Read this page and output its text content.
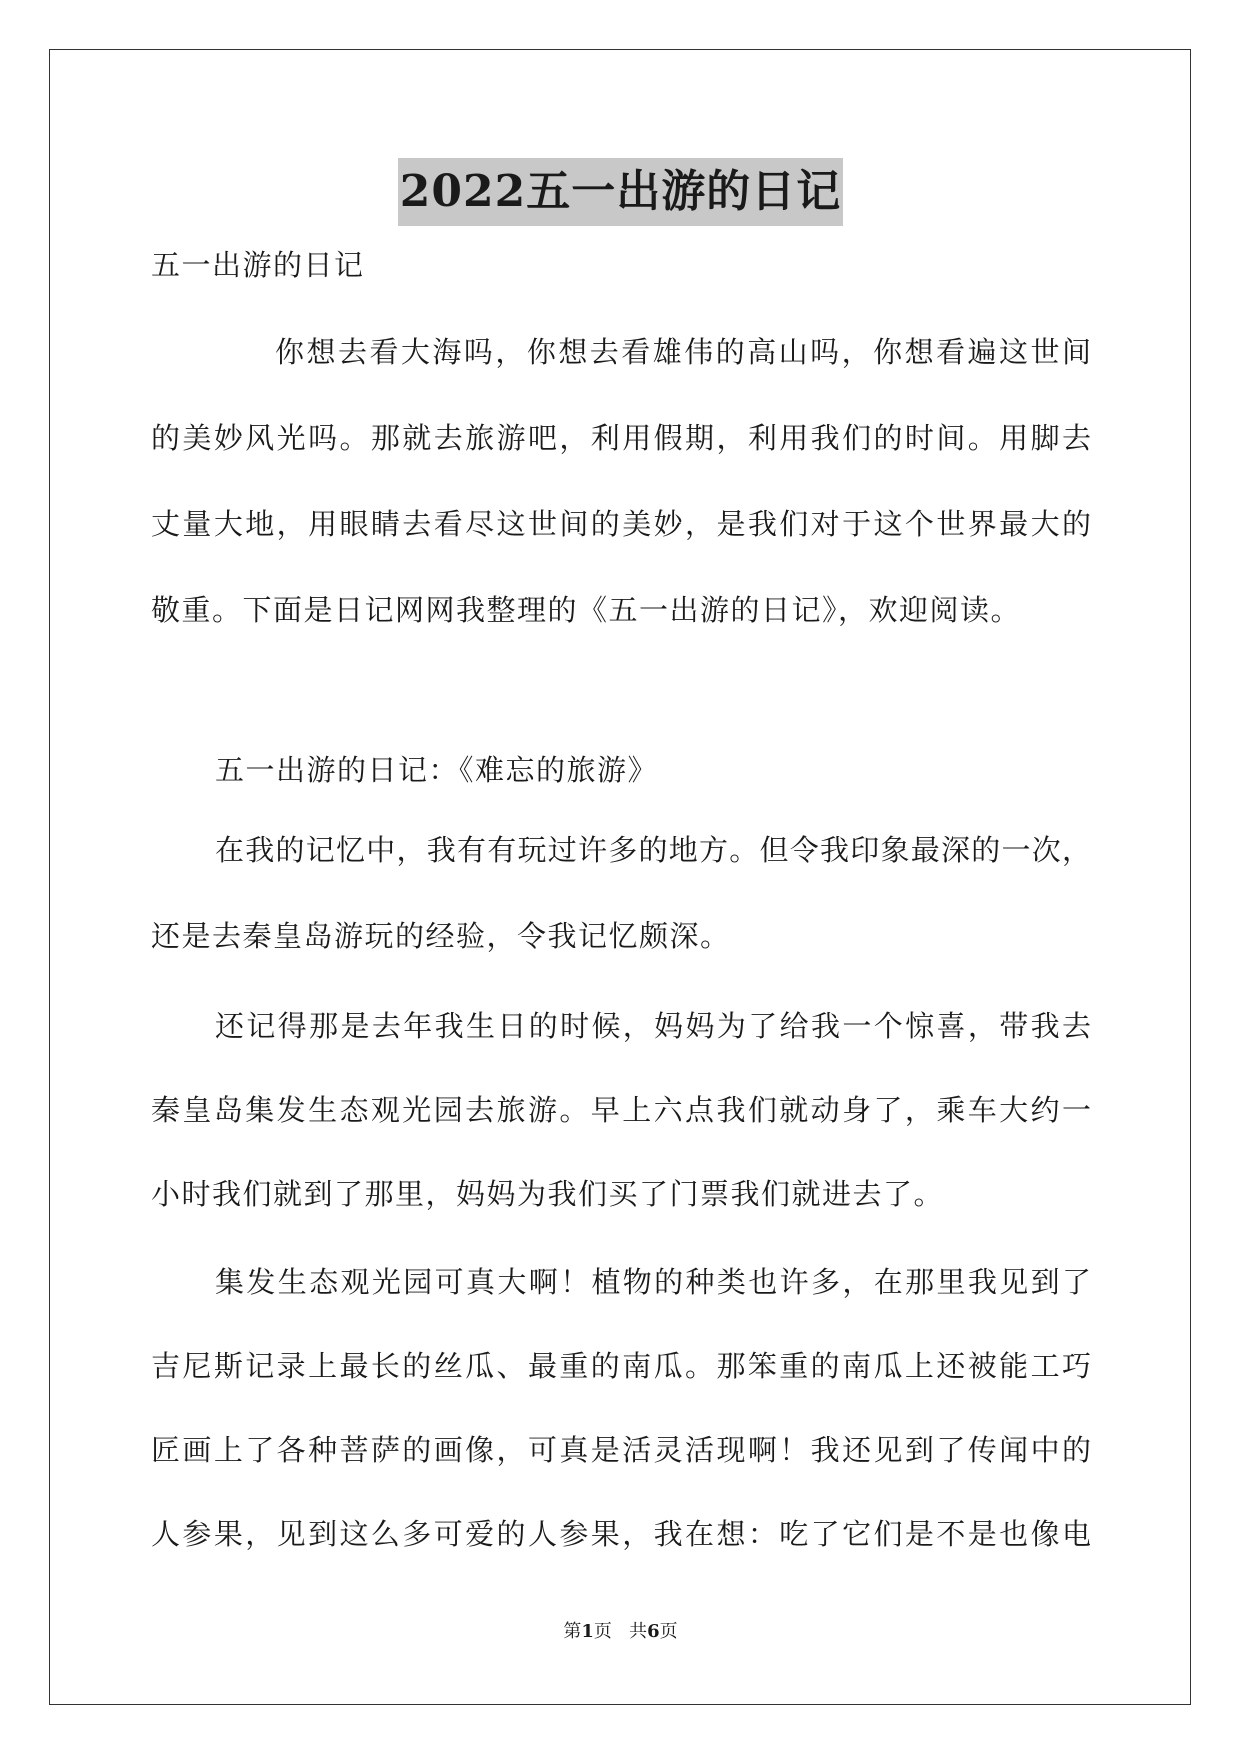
2022五一出游的日记
五一出游的日记
你想去看大海吗，你想去看雄伟的高山吗，你想看遍这世间
的美妙风光吗。那就去旅游吧，利用假期，利用我们的时间。用脚去
丈量大地，用眼睛去看尽这世间的美妙，是我们对于这个世界最大的
敬重。下面是日记网网我整理的《五一出游的日记》，欢迎阅读。
五一出游的日记：《难忘的旅游》
在我的记忆中，我有有玩过许多的地方。但令我印象最深的一次，
还是去秦皇岛游玩的经验，令我记忆颇深。
还记得那是去年我生日的时候，妈妈为了给我一个惊喜，带我去
秦皇岛集发生态观光园去旅游。早上六点我们就动身了，乘车大约一
小时我们就到了那里，妈妈为我们买了门票我们就进去了。
集发生态观光园可真大啊！植物的种类也许多，在那里我见到了
吉尼斯记录上最长的丝瓜、最重的南瓜。那笨重的南瓜上还被能工巧
匠画上了各种菩萨的画像，可真是活灵活现啊！我还见到了传闻中的
人参果，见到这么多可爱的人参果，我在想：吃了它们是不是也像电
第1页 共6页
